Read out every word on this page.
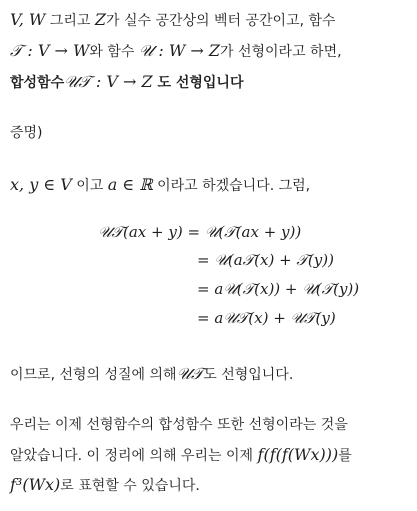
V, W 그리고 Z가 실수 공간상의 벡터 공간이고, 함수
𝒯 : V → W와 함수 𝒰 : W → Z가 선형이라고 하면,
합성함수𝒰𝒯 : V → Z 도 선형입니다
증명)
x, y ∈ V 이고 a ∈ ℝ 이라고 하겠습니다. 그럼,
𝒰𝒯(ax + y) = 𝒰(𝒯(ax + y))
= 𝒰(a𝒯(x) + 𝒯(y))
= a𝒰(𝒯(x)) + 𝒰(𝒯(y))
= a𝒰𝒯(x) + 𝒰𝒯(y)
이므로, 선형의 성질에 의해𝒰𝒯도 선형입니다.
우리는 이제 선형함수의 합성함수 또한 선형이라는 것을
알았습니다. 이 정리에 의해 우리는 이제 f(f(f(Wx)))를
f³(Wx)로 표현할 수 있습니다.
